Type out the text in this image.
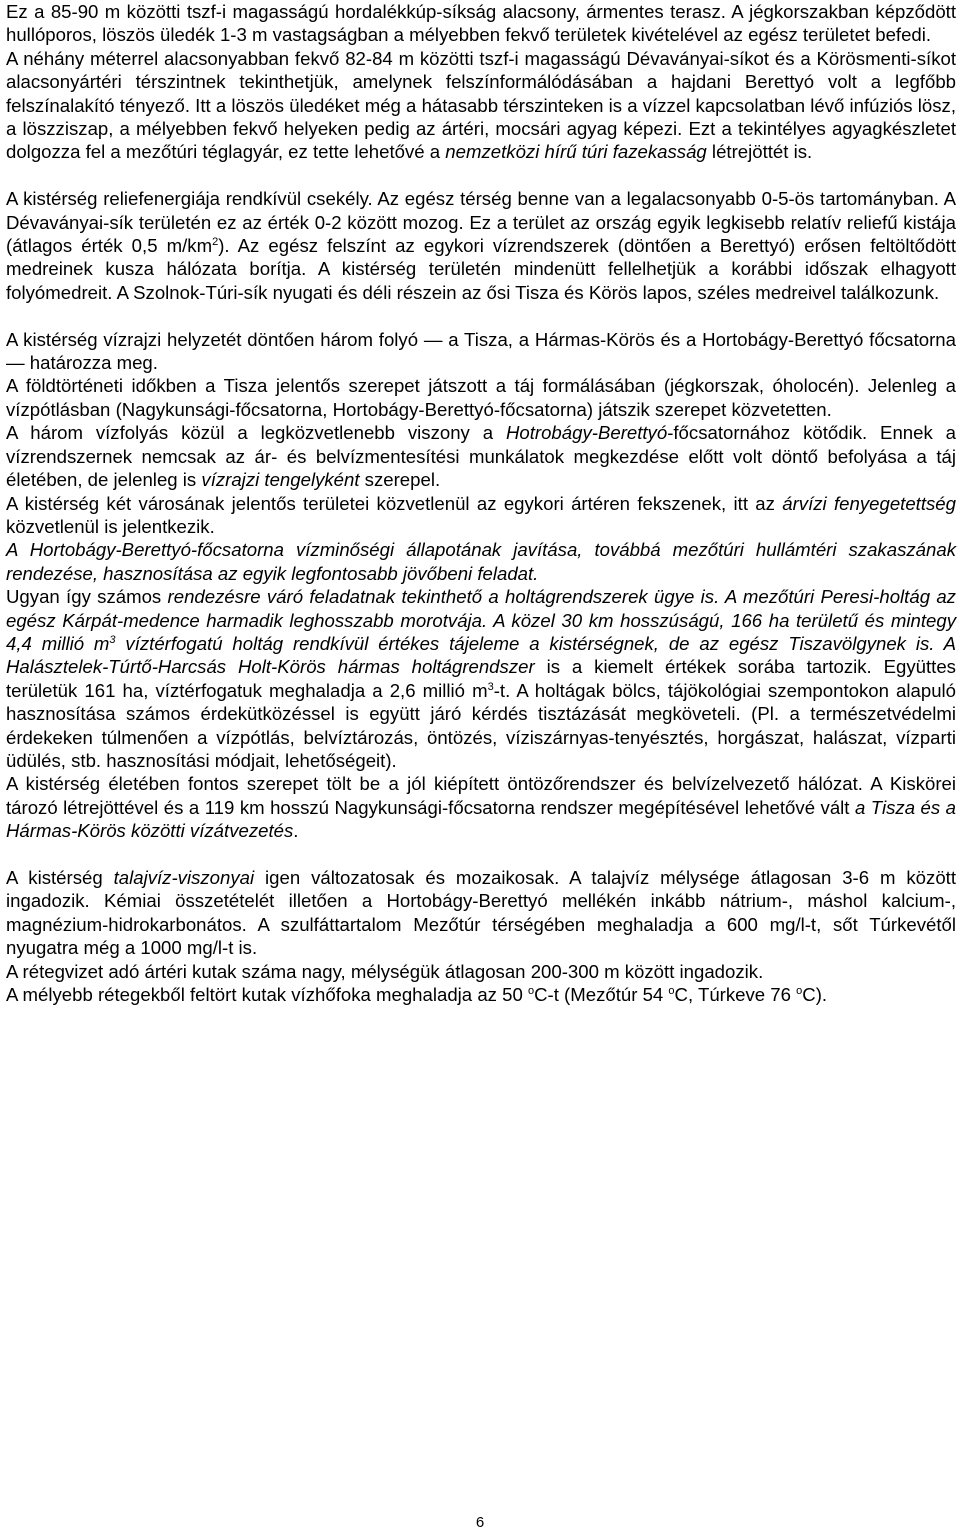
Ez a 85-90 m közötti tszf-i magasságú hordalékkúp-síkság alacsony, ármentes terasz. A jégkorszakban képződött hullóporos, löszös üledék 1-3 m vastagságban a mélyebben fekvő területek kivételével az egész területet befedi.

A néhány méterrel alacsonyabban fekvő 82-84 m közötti tszf-i magasságú Dévaványai-síkot és a Körösmenti-síkot alacsonyártéri térszintnek tekinthetjük, amelynek felszínformálódásában a hajdani Berettyó volt a legfőbb felszínalakító tényező. Itt a löszös üledéket még a hátasabb térszinteken is a vízzel kapcsolatban lévő infúziós lösz, a löszziszap, a mélyebben fekvő helyeken pedig az ártéri, mocsári agyag képezi. Ezt a tekintélyes agyagkészletet dolgozza fel a mezőtúri téglagyár, ez tette lehetővé a nemzetközi hírű túri fazekasság létrejöttét is.

A kistérség reliefenergiája rendkívül csekély. Az egész térség benne van a legalacsonyabb 0-5-ös tartományban. A Dévaványai-sík területén ez az érték 0-2 között mozog. Ez a terület az ország egyik legkisebb relatív reliefű kistája (átlagos érték 0,5 $m/km^2$). Az egész felszínt az egykori vízrendszerek (döntően a Berettyó) erősen feltöltődött medreinek kusza hálózata borítja. A kistérség területén mindenütt fellelhetjük a korábbi időszak elhagyott folyómedreit. A Szolnok-Túri-sík nyugati és déli részein az ősi Tisza és Körös lapos, széles medreivel találkozunk.

A kistérség vízrajzi helyzetét döntően három folyó — a Tisza, a Hármas-Körös és a Hortobágy-Berettyó főcsatorna — határozza meg.

A földtörténeti időkben a Tisza jelentős szerepet játszott a táj formálásában (jégkorszak, óholocén). Jelenleg a vízpótlásban (Nagykunsági-főcsatorna, Hortobágy-Berettyó-főcsatorna) játszik szerepet közvetetten.

A három vízfolyás közül a legközvetlenebb viszony a Hotrobágy-Berettyó-főcsatornához kötődik. Ennek a vízrendszernek nemcsak az ár- és belvízmentesítési munkálatok megkezdése előtt volt döntő befolyása a táj életében, de jelenleg is vízrajzi tengelyként szerepel.

A kistérség két városának jelentős területei közvetlenül az egykori ártéren fekszenek, itt az árvízi fenyegetettség közvetlenül is jelentkezik.

A Hortobágy-Berettyó-főcsatorna vízminőségi állapotának javítása, továbbá mezőtúri hullámtéri szakaszának rendezése, hasznosítása az egyik legfontosabb jövőbeni feladat.

Ugyan így számos rendezésre váró feladatnak tekinthető a holtágrendszerek ügye is. A mezőtúri Peresi-holtág az egész Kárpát-medence harmadik leghosszabb morotvája. A közel 30 km hosszúságú, 166 ha területű és mintegy 4,4 millió $m^3$ víztérfogatú holtág rendkívül értékes tájeleme a kistérségnek, de az egész Tiszavölgynek is. A Halásztelek-Túrtő-Harcsás Holt-Körös hármas holtágrendszer is a kiemelt értékek sorába tartozik. Együttes területük 161 ha, víztérfogatuk meghaladja a 2,6 millió $m^3-t$. A holtágak bölcs, tájökológiai szempontokon alapuló hasznosítása számos érdekütközéssel is együtt járó kérdés tisztázását megköveteli. (Pl. a természetvédelmi érdekeken túlmenően a vízpótlás, belvíztározás, öntözés, víziszárnyas-tenyésztés, horgászat, halászat, vízparti üdülés, stb. hasznosítási módjait, lehetőségeit).

A kistérség életében fontos szerepet tölt be a jól kiépített öntözőrendszer és belvízelvezető hálózat. A Kiskörei tározó létrejöttével és a 119 km hosszú Nagykunsági-főcsatorna rendszer megépítésével lehetővé vált a Tisza és a Hármas-Körös közötti vízátvezetés.

A kistérség talajvíz-viszonyai igen változatosak és mozaikosak. A talajvíz mélysége átlagosan 3-6 m között ingadozik. Kémiai összetételét illetően a Hortobágy-Berettyó mellékén inkább nátrium-, máshol kalcium-, magnézium-hidrokarbonátos. A szulfáttartalom Mezőtúr térségében meghaladja a 600 mg/l-t, sőt Túrkevétől nyugatra még a 1000 mg/l-t is.

A rétegvizet adó ártéri kutak száma nagy, mélységük átlagosan 200-300 m között ingadozik.

A mélyebb rétegekből feltört kutak vízhőfoka meghaladja az 50 $^o$C-t (Mezőtúr 54 $^o$C, Túrkeve 76 $^o$C).

6
